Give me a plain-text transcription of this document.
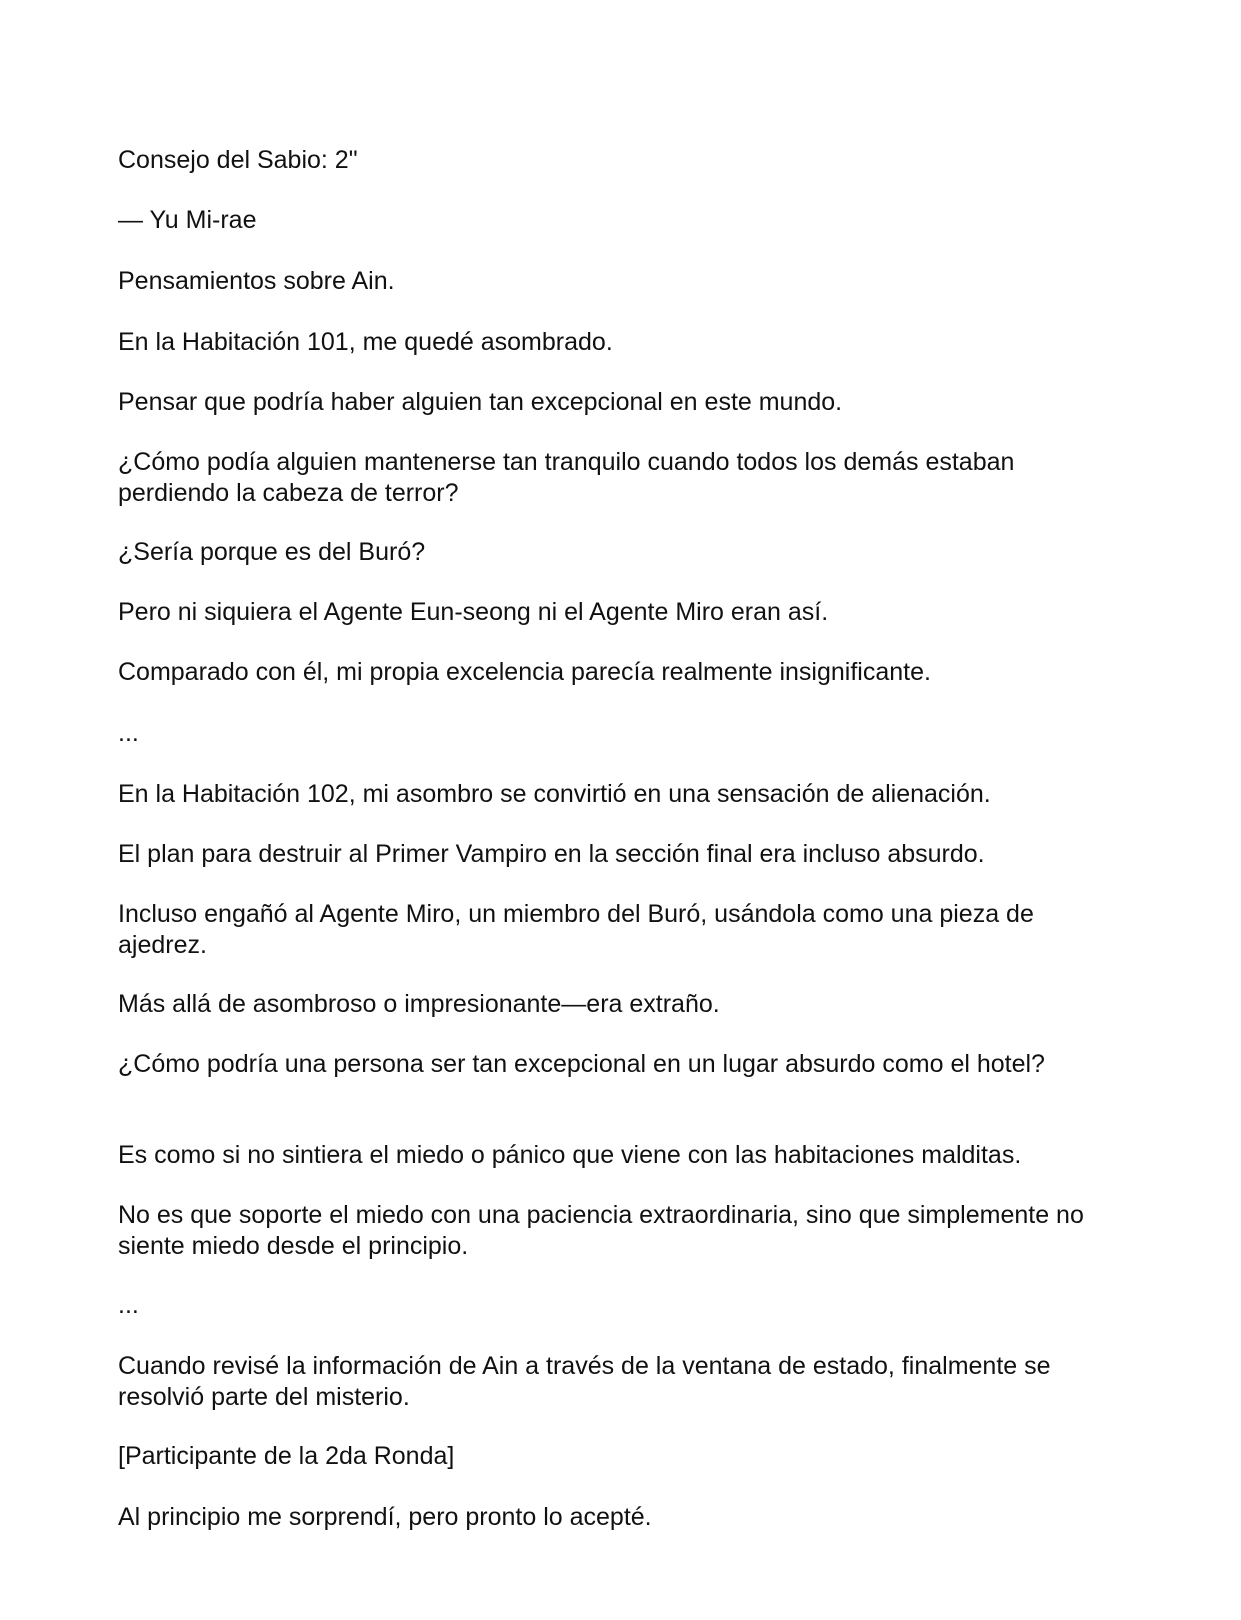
Consejo del Sabio: 2"

— Yu Mi-rae

Pensamientos sobre Ain.

En la Habitación 101, me quedé asombrado.

Pensar que podría haber alguien tan excepcional en este mundo.

¿Cómo podía alguien mantenerse tan tranquilo cuando todos los demás estaban perdiendo la cabeza de terror?

¿Sería porque es del Buró?

Pero ni siquiera el Agente Eun-seong ni el Agente Miro eran así.

Comparado con él, mi propia excelencia parecía realmente insignificante.

...

En la Habitación 102, mi asombro se convirtió en una sensación de alienación.

El plan para destruir al Primer Vampiro en la sección final era incluso absurdo.

Incluso engañó al Agente Miro, un miembro del Buró, usándola como una pieza de ajedrez.

Más allá de asombroso o impresionante—era extraño.

¿Cómo podría una persona ser tan excepcional en un lugar absurdo como el hotel?

Es como si no sintiera el miedo o pánico que viene con las habitaciones malditas.

No es que soporte el miedo con una paciencia extraordinaria, sino que simplemente no siente miedo desde el principio.

...

Cuando revisé la información de Ain a través de la ventana de estado, finalmente se resolvió parte del misterio.

[Participante de la 2da Ronda]

Al principio me sorprendí, pero pronto lo acepté.
